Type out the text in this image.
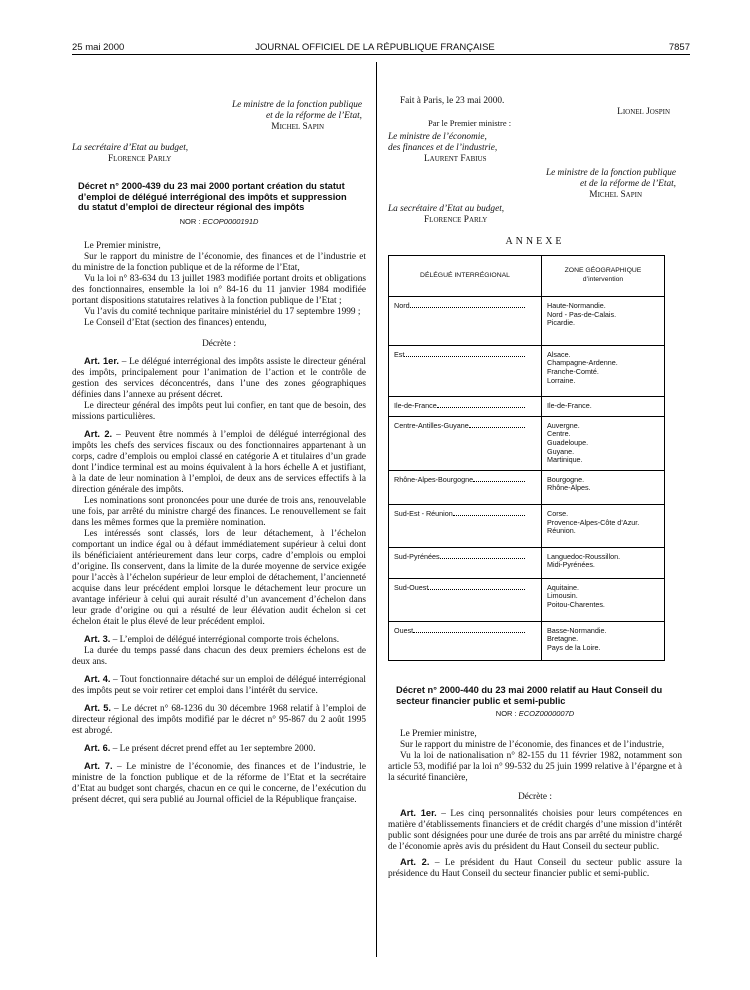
25 mai 2000	JOURNAL OFFICIEL DE LA RÉPUBLIQUE FRANÇAISE	7857
Le ministre de la fonction publique
et de la réforme de l’Etat,
Michel Sapin
La secrétaire d’Etat au budget,
Florence Parly
Décret n° 2000-439 du 23 mai 2000 portant création du statut d’emploi de délégué interrégional des impôts et suppression du statut d’emploi de directeur régional des impôts
NOR : ECOP0000191D

Le Premier ministre,

Sur le rapport du ministre de l’économie, des finances et de l’industrie et du ministre de la fonction publique et de la réforme de l’Etat,

Vu la loi n° 83-634 du 13 juillet 1983 modifiée portant droits et obligations des fonctionnaires, ensemble la loi n° 84-16 du 11 janvier 1984 modifiée portant dispositions statutaires relatives à la fonction publique de l’Etat ;

Vu l’avis du comité technique paritaire ministériel du 17 septembre 1999 ;

Le Conseil d’Etat (section des finances) entendu,

Décrète :

Art. 1er. – Le délégué interrégional des impôts assiste le directeur général des impôts, principalement pour l’animation de l’action et le contrôle de gestion des services déconcentrés, dans l’une des zones géographiques définies dans l’annexe au présent décret.

Le directeur général des impôts peut lui confier, en tant que de besoin, des missions particulières.

Art. 2. – Peuvent être nommés à l’emploi de délégué interrégional des impôts les chefs des services fiscaux ou des fonctionnaires appartenant à un corps, cadre d’emplois ou emploi classé en catégorie A et titulaires d’un grade dont l’indice terminal est au moins équivalent à la hors échelle A et justifiant, à la date de leur nomination à l’emploi, de deux ans de services effectifs à la direction générale des impôts.

Les nominations sont prononcées pour une durée de trois ans, renouvelable une fois, par arrêté du ministre chargé des finances. Le renouvellement se fait dans les mêmes formes que la première nomination.

Les intéressés sont classés, lors de leur détachement, à l’échelon comportant un indice égal ou à défaut immédiatement supérieur à celui dont ils bénéficiaient antérieurement dans leur corps, cadre d’emplois ou emploi d’origine. Ils conservent, dans la limite de la durée moyenne de service exigée pour l’accès à l’échelon supérieur de leur emploi de détachement, l’ancienneté acquise dans leur précédent emploi lorsque le détachement leur procure un avantage inférieur à celui qui aurait résulté d’un avancement d’échelon dans leur grade d’origine ou qui a résulté de leur élévation audit échelon si cet échelon était le plus élevé de leur précédent emploi.

Art. 3. – L’emploi de délégué interrégional comporte trois échelons.

La durée du temps passé dans chacun des deux premiers échelons est de deux ans.

Art. 4. – Tout fonctionnaire détaché sur un emploi de délégué interrégional des impôts peut se voir retirer cet emploi dans l’intérêt du service.

Art. 5. – Le décret n° 68-1236 du 30 décembre 1968 relatif à l’emploi de directeur régional des impôts modifié par le décret n° 95-867 du 2 août 1995 est abrogé.

Art. 6. – Le présent décret prend effet au 1er septembre 2000.

Art. 7. – Le ministre de l’économie, des finances et de l’industrie, le ministre de la fonction publique et de la réforme de l’Etat et la secrétaire d’Etat au budget sont chargés, chacun en ce qui le concerne, de l’exécution du présent décret, qui sera publié au Journal officiel de la République française.

Fait à Paris, le 23 mai 2000.
Lionel Jospin
Par le Premier ministre :
Le ministre de l’économie,
des finances et de l’industrie,
Laurent Fabius
Le ministre de la fonction publique
et de la réforme de l’Etat,
Michel Sapin
La secrétaire d’Etat au budget,
Florence Parly
ANNEXE
DÉLÉGUÉ INTERRÉGIONAL	ZONE GÉOGRAPHIQUE
d’intervention

Nord	Haute-Normandie.
Nord - Pas-de-Calais.
Picardie.

Est	Alsace.
Champagne-Ardenne.
Franche-Comté.
Lorraine.

Ile-de-France	Ile-de-France.

Centre-Antilles-Guyane	Auvergne.
Centre.
Guadeloupe.
Guyane.
Martinique.

Rhône-Alpes-Bourgogne	Bourgogne.
Rhône-Alpes.

Sud-Est - Réunion	Corse.
Provence-Alpes-Côte d’Azur.
Réunion.

Sud-Pyrénées	Languedoc-Roussillon.
Midi-Pyrénées.

Sud-Ouest	Aquitaine.
Limousin.
Poitou-Charentes.

Ouest	Basse-Normandie.
Bretagne.
Pays de la Loire.
Décret n° 2000-440 du 23 mai 2000 relatif au Haut Conseil du secteur financier public et semi-public
NOR : ECOZ0000007D

Le Premier ministre,

Sur le rapport du ministre de l’économie, des finances et de l’industrie,

Vu la loi de nationalisation n° 82-155 du 11 février 1982, notamment son article 53, modifié par la loi n° 99-532 du 25 juin 1999 relative à l’épargne et à la sécurité financière,

Décrète :

Art. 1er. – Les cinq personnalités choisies pour leurs compétences en matière d’établissements financiers et de crédit chargés d’une mission d’intérêt public sont désignées pour une durée de trois ans par arrêté du ministre chargé de l’économie après avis du président du Haut Conseil du secteur public.

Art. 2. – Le président du Haut Conseil du secteur public assure la présidence du Haut Conseil du secteur financier public et semi-public.
